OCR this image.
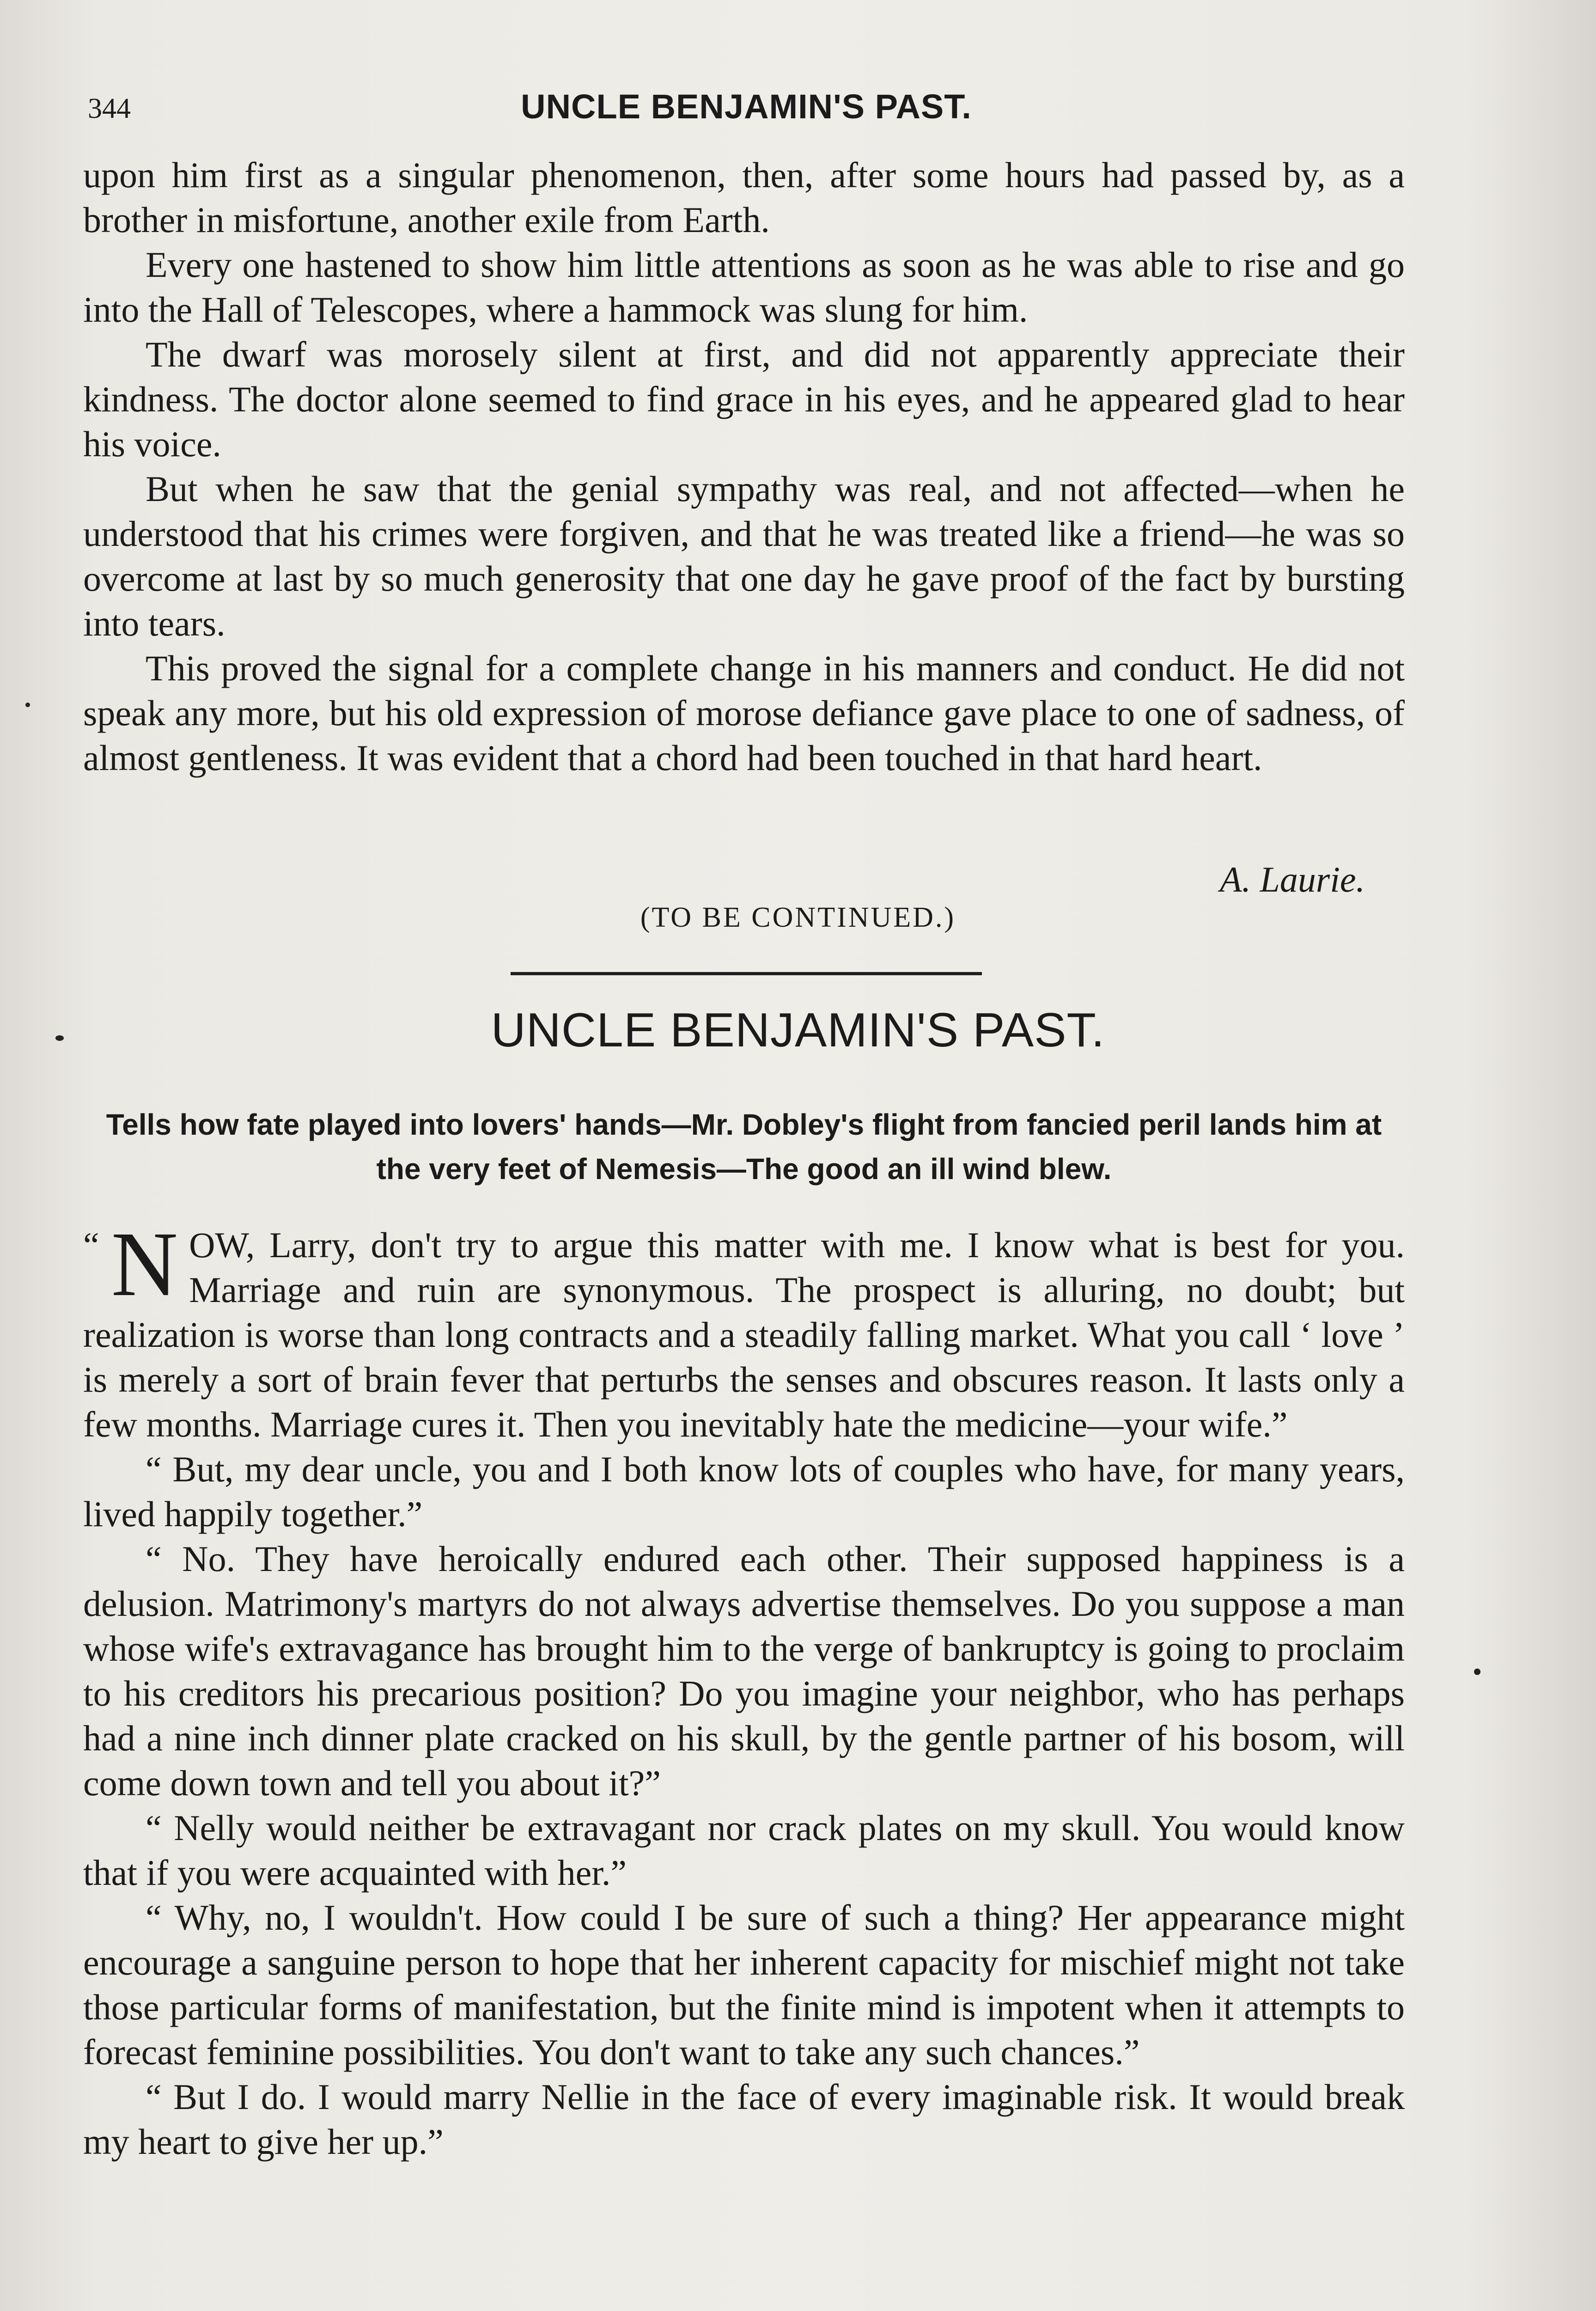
344	UNCLE BENJAMIN'S PAST.

upon him first as a singular phenomenon, then, after some hours had passed by, as a brother in misfortune, another exile from Earth.

Every one hastened to show him little attentions as soon as he was able to rise and go into the Hall of Telescopes, where a hammock was slung for him.

The dwarf was morosely silent at first, and did not apparently appreciate their kindness. The doctor alone seemed to find grace in his eyes, and he appeared glad to hear his voice.

But when he saw that the genial sympathy was real, and not affected—when he understood that his crimes were forgiven, and that he was treated like a friend—he was so overcome at last by so much generosity that one day he gave proof of the fact by bursting into tears.

This proved the signal for a complete change in his manners and conduct. He did not speak any more, but his old expression of morose defiance gave place to one of sadness, of almost gentleness. It was evident that a chord had been touched in that hard heart.

A. Laurie.
(TO BE CONTINUED.)
UNCLE BENJAMIN'S PAST.
Tells how fate played into lovers' hands—Mr. Dobley's flight from fancied peril lands him at the very feet of Nemesis—The good an ill wind blew.

“ N OW, Larry, don't try to argue this matter with me. I know what is best for you. Marriage and ruin are synonymous. The prospect is alluring, no doubt; but realization is worse than long contracts and a steadily falling market. What you call ‘ love ’ is merely a sort of brain fever that perturbs the senses and obscures reason. It lasts only a few months. Marriage cures it. Then you inevitably hate the medicine—your wife.”

“ But, my dear uncle, you and I both know lots of couples who have, for many years, lived happily together.”

“ No. They have heroically endured each other. Their supposed happiness is a delusion. Matrimony's martyrs do not always advertise themselves. Do you suppose a man whose wife's extravagance has brought him to the verge of bankruptcy is going to proclaim to his creditors his precarious position? Do you imagine your neighbor, who has perhaps had a nine inch dinner plate cracked on his skull, by the gentle partner of his bosom, will come down town and tell you about it?”

“ Nelly would neither be extravagant nor crack plates on my skull. You would know that if you were acquainted with her.”

“ Why, no, I wouldn't. How could I be sure of such a thing? Her appearance might encourage a sanguine person to hope that her inherent capacity for mischief might not take those particular forms of manifestation, but the finite mind is impotent when it attempts to forecast feminine possibilities. You don't want to take any such chances.”

“ But I do. I would marry Nellie in the face of every imaginable risk. It would break my heart to give her up.”
